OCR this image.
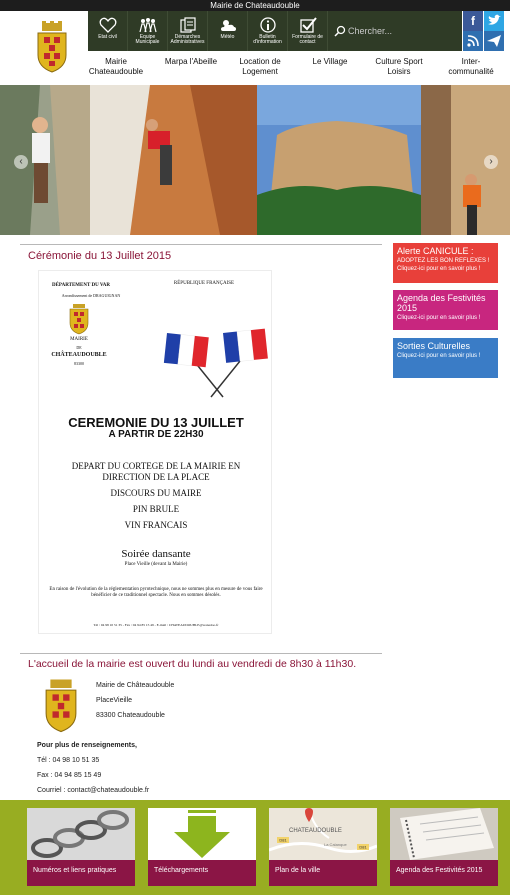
Mairie de Chateaudouble
Etat civil	Equipe Municipale
Démarches Administratives
Météo	Bulletin d'information
Formulaire de contact
Chercher...
f
Mairie
Chateaudouble
Marpa l'Abeille	Location de
Logement
Le Village	Culture Sport
Loisirs
Inter-
communalité
‹	›
Cérémonie du 13 Juillet 2015
DÉPARTEMENT DU VAR
Arrondissement de DRAGUIGNAN
RÉPUBLIQUE FRANÇAISE
MAIRIE
DE
CHÂTEAUDOUBLE
83300
CEREMONIE DU 13 JUILLET
A PARTIR DE 22H30
DEPART DU CORTEGE DE LA MAIRIE EN
DIRECTION DE LA PLACE
DISCOURS DU MAIRE
PIN BRULE
VIN FRANCAIS
Soirée dansante
Place Vieille (devant la Mairie)
En raison de l'évolution de la réglementation pyrotechnique, nous ne sommes plus en mesure de vous faire bénéficier de ce traditionnel spectacle. Nous en sommes désolés.
Tél : 04 98 10 51 35 - Fax : 04 94 85 15 49 - E-mail : CHATEAUDOUBLE@wanadoo.fr
L'accueil de la mairie est ouvert du lundi au vendredi de 8h30 à 11h30.
Mairie de Châteaudouble
PlaceVieille
83300 Chateaudouble
Pour plus de renseignements,
Tél : 04 98 10 51 35
Fax : 04 94 85 15 49
Courriel : contact@chateaudouble.fr
Alerte CANICULE :
ADOPTEZ LES BON REFLEXES !
Cliquez-ici pour en savoir plus !
Agenda des Festivités 2015
Cliquez-ici pour en savoir plus !
Sorties Culturelles
Cliquez-ici pour en savoir plus !
Numéros et liens pratiques	Téléchargements
D81
D81
CHATEAUDOUBLE
La Calanque
Plan de la ville	Agenda des Festivités 2015
